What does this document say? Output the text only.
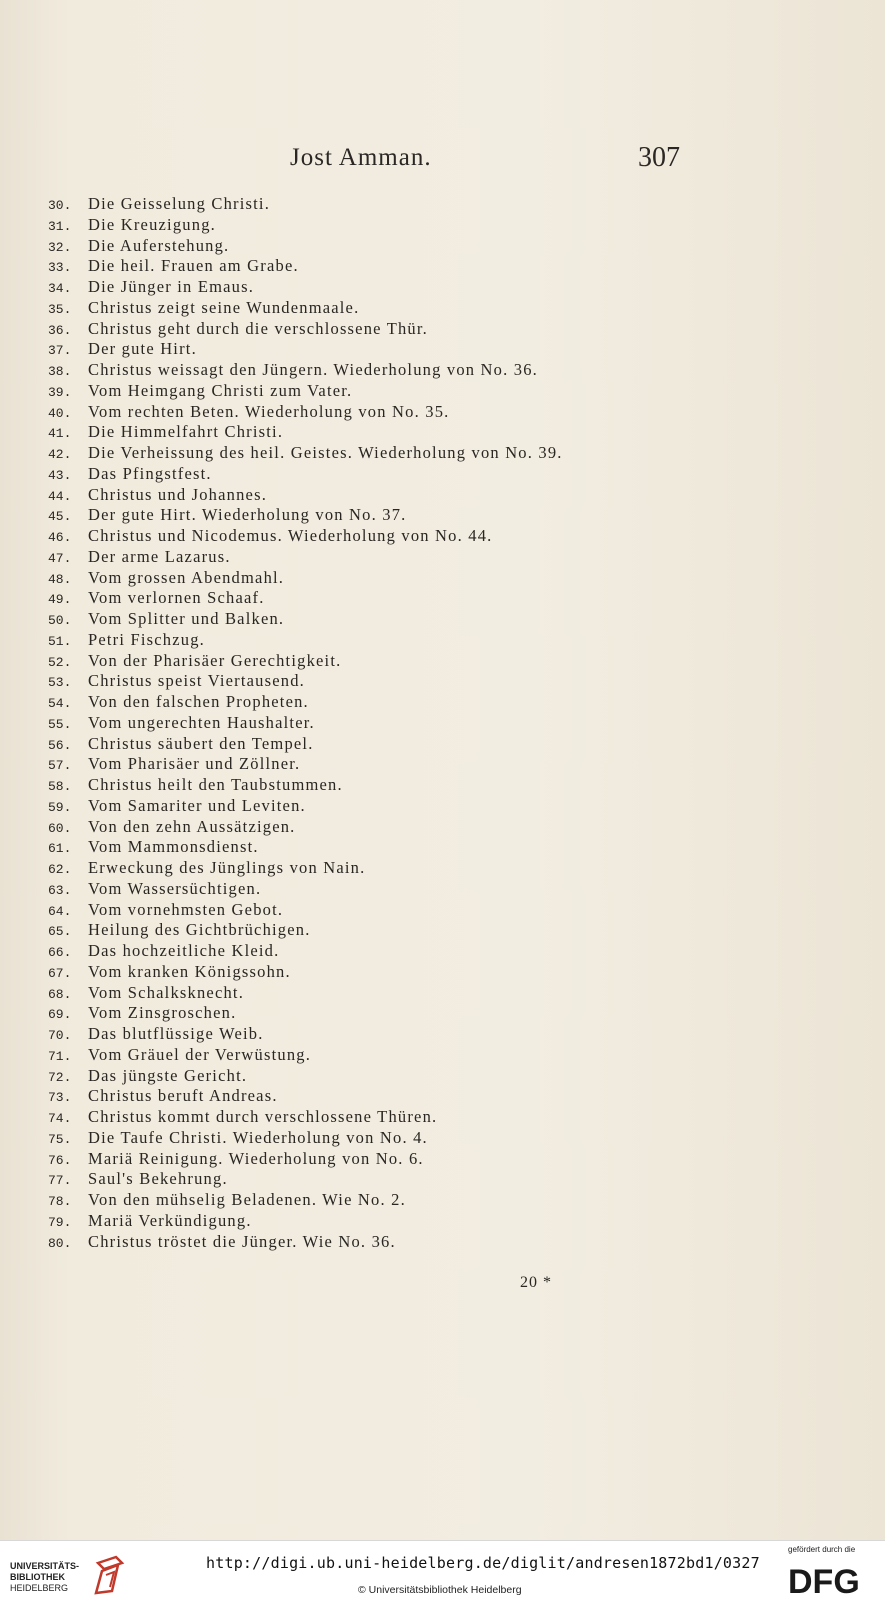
Jost Amman.	307
30. Die Geisselung Christi.
31. Die Kreuzigung.
32. Die Auferstehung.
33. Die heil. Frauen am Grabe.
34. Die Jünger in Emaus.
35. Christus zeigt seine Wundenmaale.
36. Christus geht durch die verschlossene Thür.
37. Der gute Hirt.
38. Christus weissagt den Jüngern. Wiederholung von No. 36.
39. Vom Heimgang Christi zum Vater.
40. Vom rechten Beten. Wiederholung von No. 35.
41. Die Himmelfahrt Christi.
42. Die Verheissung des heil. Geistes. Wiederholung von No. 39.
43. Das Pfingstfest.
44. Christus und Johannes.
45. Der gute Hirt. Wiederholung von No. 37.
46. Christus und Nicodemus. Wiederholung von No. 44.
47. Der arme Lazarus.
48. Vom grossen Abendmahl.
49. Vom verlornen Schaaf.
50. Vom Splitter und Balken.
51. Petri Fischzug.
52. Von der Pharisäer Gerechtigkeit.
53. Christus speist Viertausend.
54. Von den falschen Propheten.
55. Vom ungerechten Haushalter.
56. Christus säubert den Tempel.
57. Vom Pharisäer und Zöllner.
58. Christus heilt den Taubstummen.
59. Vom Samariter und Leviten.
60. Von den zehn Aussätzigen.
61. Vom Mammonsdienst.
62. Erweckung des Jünglings von Nain.
63. Vom Wassersüchtigen.
64. Vom vornehmsten Gebot.
65. Heilung des Gichtbrüchigen.
66. Das hochzeitliche Kleid.
67. Vom kranken Königssohn.
68. Vom Schalksknecht.
69. Vom Zinsgroschen.
70. Das blutflüssige Weib.
71. Vom Gräuel der Verwüstung.
72. Das jüngste Gericht.
73. Christus beruft Andreas.
74. Christus kommt durch verschlossene Thüren.
75. Die Taufe Christi. Wiederholung von No. 4.
76. Mariä Reinigung. Wiederholung von No. 6.
77. Saul's Bekehrung.
78. Von den mühselig Beladenen. Wie No. 2.
79. Mariä Verkündigung.
80. Christus tröstet die Jünger. Wie No. 36.
20 *
UNIVERSITÄTS-
BIBLIOTHEK
HEIDELBERG
http://digi.ub.uni-heidelberg.de/diglit/andresen1872bd1/0327
© Universitätsbibliothek Heidelberg
gefördert durch die
DFG
